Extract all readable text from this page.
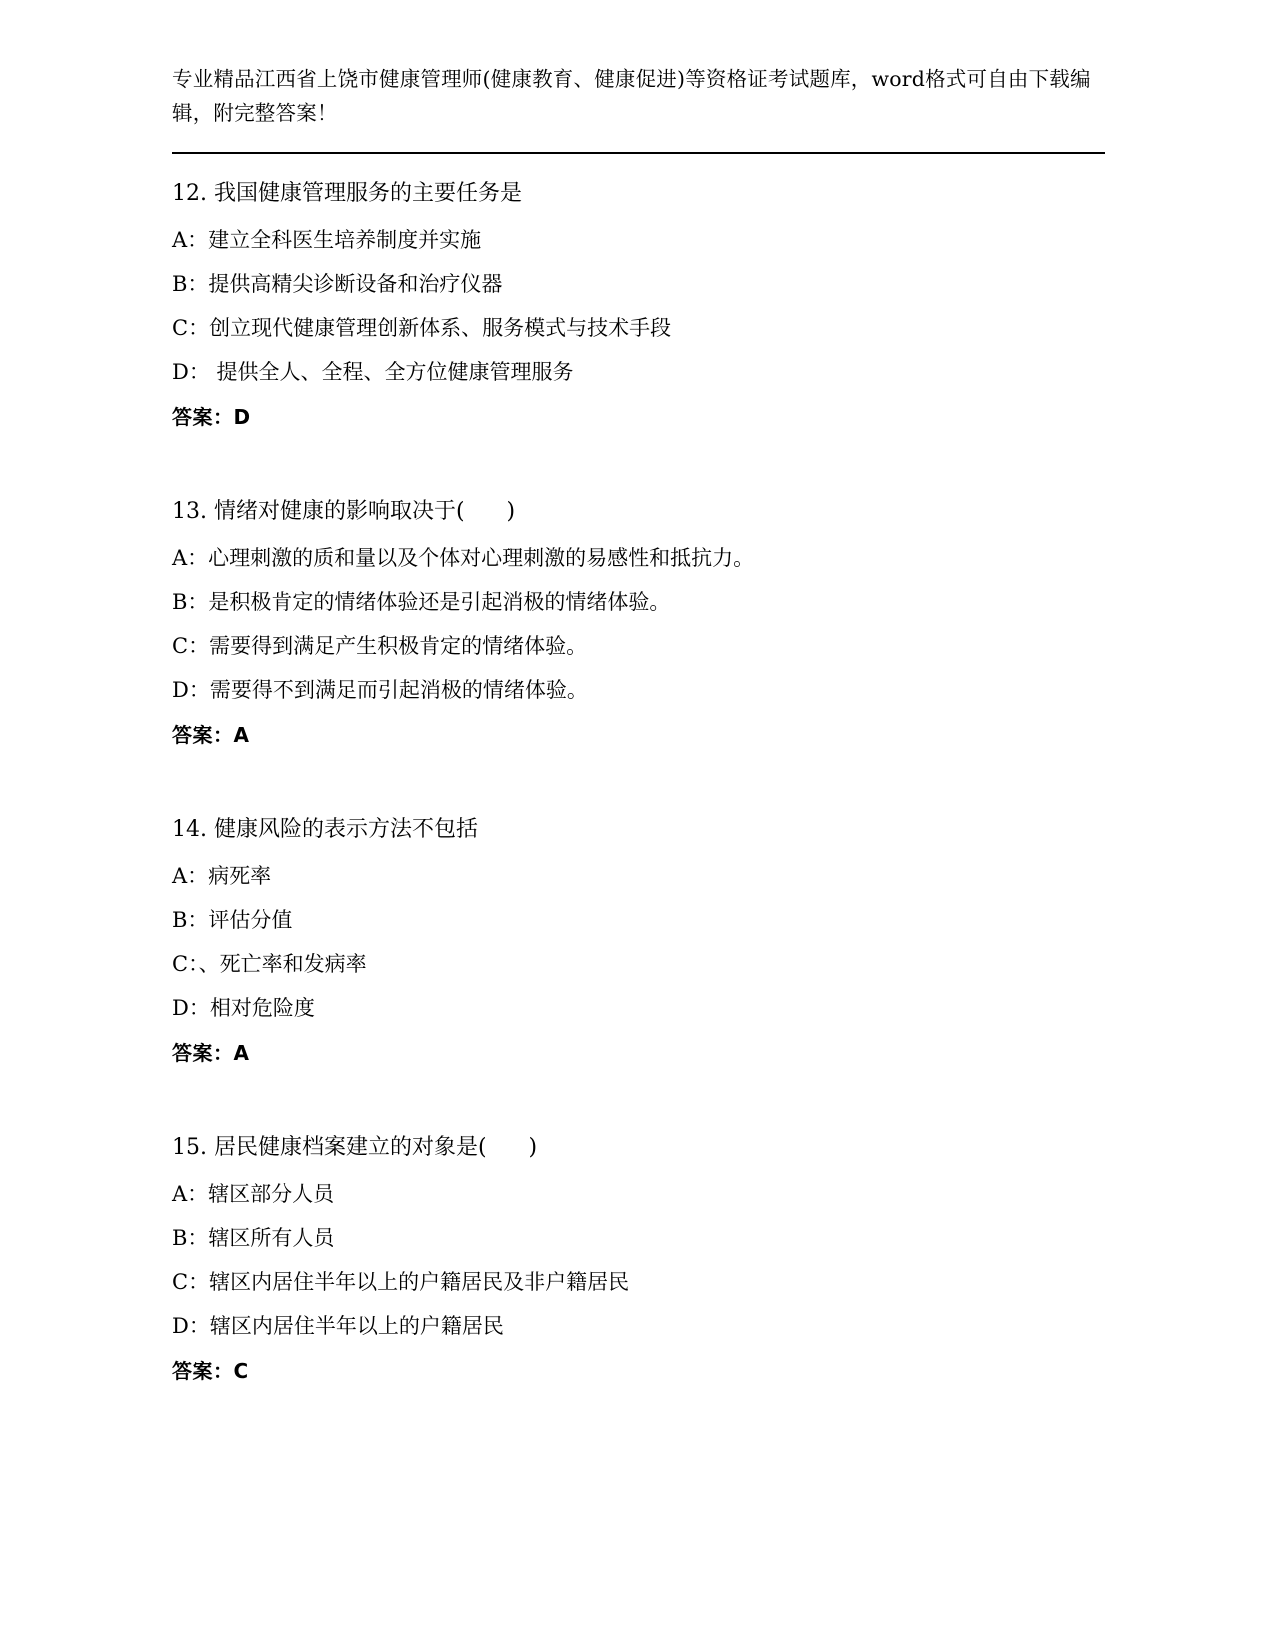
专业精品江西省上饶市健康管理师(健康教育、健康促进)等资格证考试题库，word格式可自由下载编辑，附完整答案！

12. 我国健康管理服务的主要任务是

A：建立全科医生培养制度并实施

B：提供高精尖诊断设备和治疗仪器

C：创立现代健康管理创新体系、服务模式与技术手段

D： 提供全人、全程、全方位健康管理服务

答案：D

13. 情绪对健康的影响取决于(      )

A：心理刺激的质和量以及个体对心理刺激的易感性和抵抗力。

B：是积极肯定的情绪体验还是引起消极的情绪体验。

C：需要得到满足产生积极肯定的情绪体验。

D：需要得不到满足而引起消极的情绪体验。

答案：A

14. 健康风险的表示方法不包括

A：病死率

B：评估分值

C：、死亡率和发病率

D：相对危险度

答案：A

15. 居民健康档案建立的对象是(      )

A：辖区部分人员

B：辖区所有人员

C：辖区内居住半年以上的户籍居民及非户籍居民

D：辖区内居住半年以上的户籍居民

答案：C
